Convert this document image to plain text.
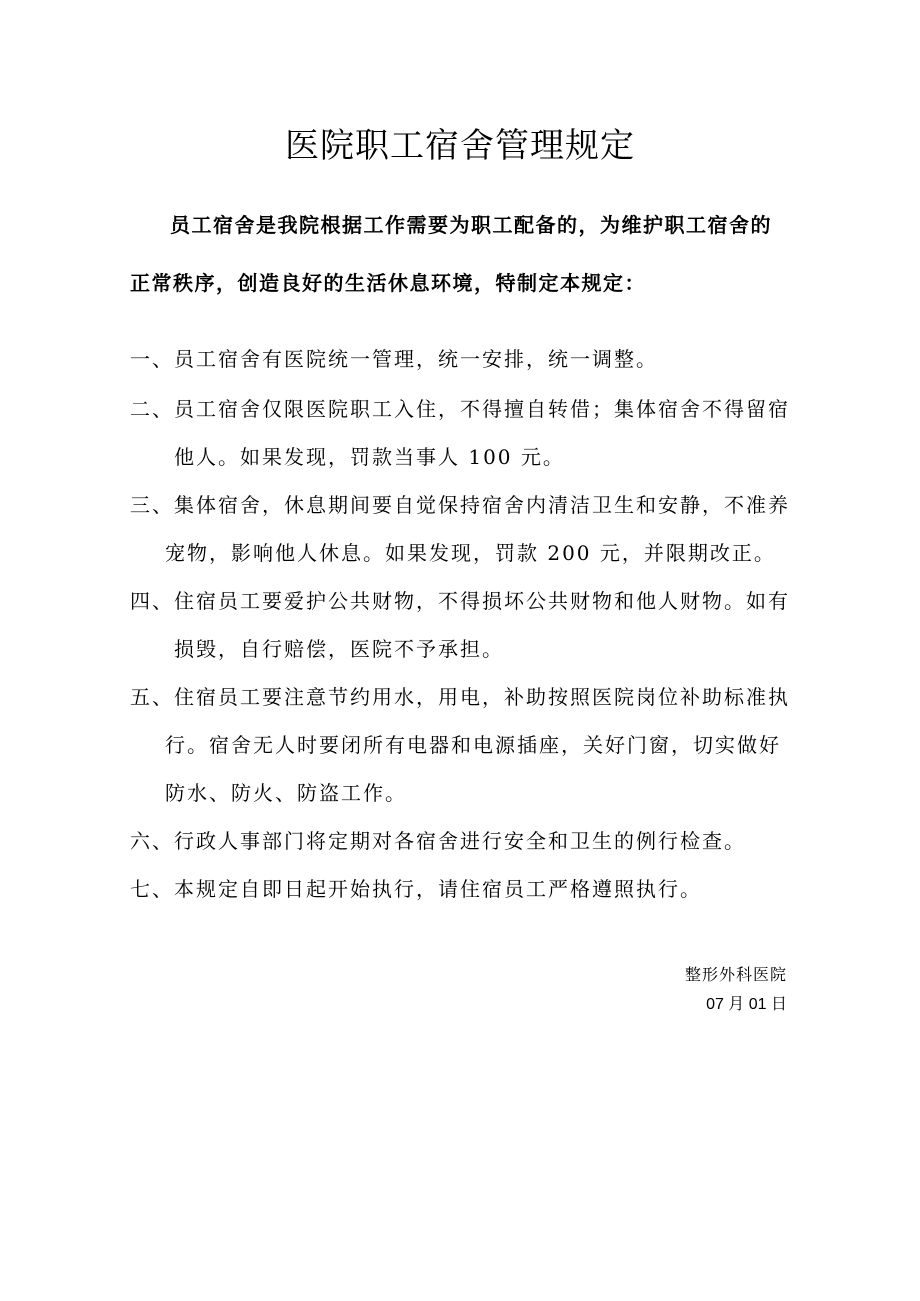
医院职工宿舍管理规定
员工宿舍是我院根据工作需要为职工配备的，为维护职工宿舍的
正常秩序，创造良好的生活休息环境，特制定本规定：
一、员工宿舍有医院统一管理，统一安排，统一调整。
二、员工宿舍仅限医院职工入住，不得擅自转借；集体宿舍不得留宿
他人。如果发现，罚款当事人 100 元。
三、集体宿舍，休息期间要自觉保持宿舍内清洁卫生和安静，不准养
宠物，影响他人休息。如果发现，罚款 200 元，并限期改正。
四、住宿员工要爱护公共财物，不得损坏公共财物和他人财物。如有
损毁，自行赔偿，医院不予承担。
五、住宿员工要注意节约用水，用电，补助按照医院岗位补助标准执
行。宿舍无人时要闭所有电器和电源插座，关好门窗，切实做好
防水、防火、防盗工作。
六、行政人事部门将定期对各宿舍进行安全和卫生的例行检查。
七、本规定自即日起开始执行，请住宿员工严格遵照执行。
整形外科医院
07 月 01 日
